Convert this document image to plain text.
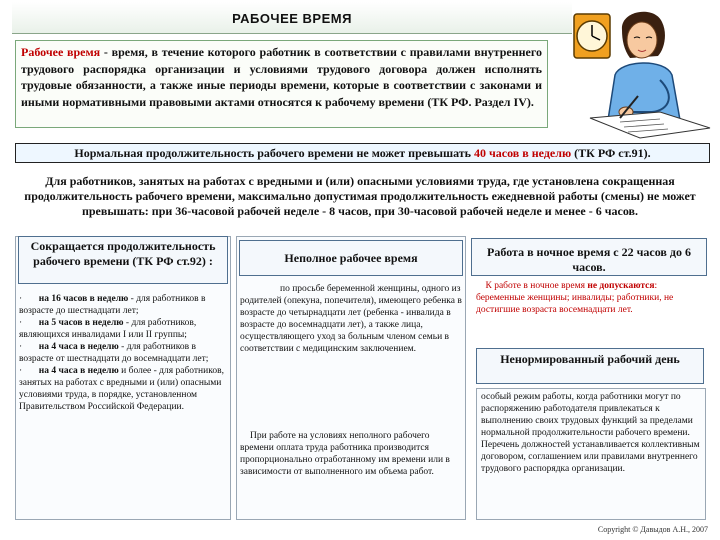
РАБОЧЕЕ ВРЕМЯ
Рабочее время - время, в течение которого работник в соответствии с правилами внутреннего трудового распорядка организации и условиями трудового договора должен исполнять трудовые обязанности, а также иные периоды времени, которые в соответствии с законами и иными нормативными правовыми актами относятся к рабочему времени (ТК РФ. Раздел IV).
Нормальная продолжительность рабочего времени не может превышать 40 часов в неделю (ТК РФ ст.91).
Для работников, занятых на работах с вредными и (или) опасными условиями труда, где установлена сокращенная продолжительность рабочего времени, максимально допустимая продолжительность ежедневной работы (смены) не может превышать: при 36-часовой рабочей неделе - 8 часов, при 30-часовой рабочей неделе и менее - 6 часов.
Сокращается продолжительность рабочего времени (ТК РФ ст.92) :

· на 16 часов в неделю - для работников в возрасте до шестнадцати лет;

· на 5 часов в неделю - для работников, являющихся инвалидами I или II группы;

· на 4 часа в неделю - для работников в возрасте от шестнадцати до восемнадцати лет;

· на 4 часа в неделю и более - для работников, занятых на работах с вредными и (или) опасными условиями труда, в порядке, установленном Правительством Российской Федерации.

Неполное рабочее время
по просьбе беременной женщины, одного из родителей (опекуна, попечителя), имеющего ребенка в возрасте до четырнадцати лет (ребенка - инвалида в возрасте до восемнадцати лет), а также лица, осуществляющего уход за больным членом семьи в соответствии с медицинским заключением.
При работе на условиях неполного рабочего времени оплата труда работника производится пропорционально отработанному им времени или в зависимости от выполненного им объема работ.
Работа в ночное время с 22 часов до 6 часов.
К работе в ночное время не допускаются: беременные женщины; инвалиды; работники, не достигшие возраста восемнадцати лет.
Ненормированный рабочий день
особый режим работы, когда работники могут по распоряжению работодателя привлекаться к выполнению своих трудовых функций за пределами нормальной продолжительности рабочего времени. Перечень должностей устанавливается коллективным договором, соглашением или правилами внутреннего трудового распорядка организации.
Copyright © Давыдов А.Н., 2007
